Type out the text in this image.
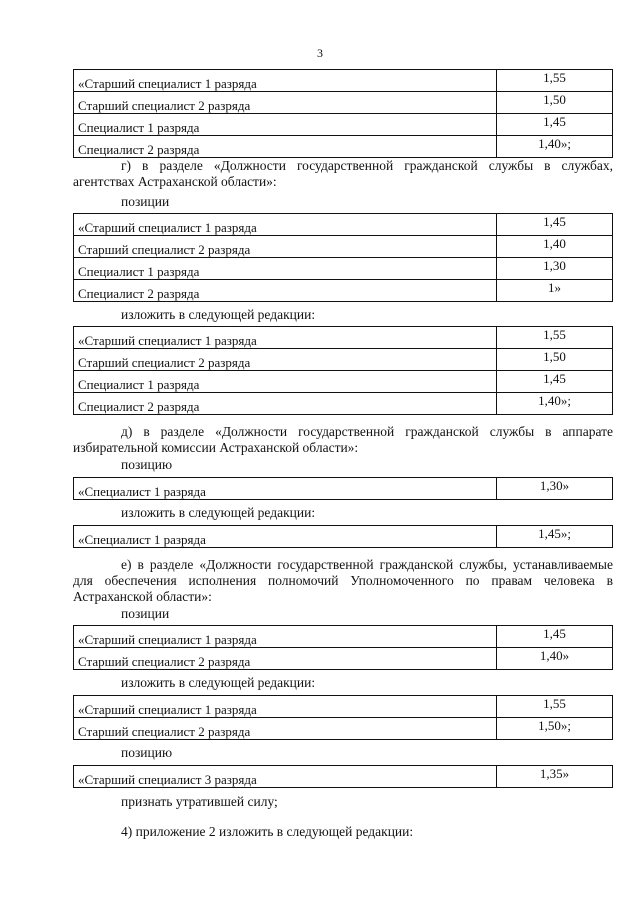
3
«Старший специалист 1 разряда	1,55
Старший специалист 2 разряда	1,50
Специалист 1 разряда	1,45
Специалист 2 разряда	1,40»;

г) в разделе «Должности государственной гражданской службы в службах, агентствах Астраханской области»:

позиции

«Старший специалист 1 разряда	1,45
Старший специалист 2 разряда	1,40
Специалист 1 разряда	1,30
Специалист 2 разряда	1»

изложить в следующей редакции:

«Старший специалист 1 разряда	1,55
Старший специалист 2 разряда	1,50
Специалист 1 разряда	1,45
Специалист 2 разряда	1,40»;

д) в разделе «Должности государственной гражданской службы в аппарате избирательной комиссии Астраханской области»:

позицию

«Специалист 1 разряда	1,30»

изложить в следующей редакции:

«Специалист 1 разряда	1,45»;

е) в разделе «Должности государственной гражданской службы, устанавливаемые для обеспечения исполнения полномочий Уполномоченного по правам человека в Астраханской области»:

позиции

«Старший специалист 1 разряда	1,45
Старший специалист 2 разряда	1,40»

изложить в следующей редакции:

«Старший специалист 1 разряда	1,55
Старший специалист 2 разряда	1,50»;

позицию

«Старший специалист 3 разряда	1,35»

признать утратившей силу;

4) приложение 2 изложить в следующей редакции:
